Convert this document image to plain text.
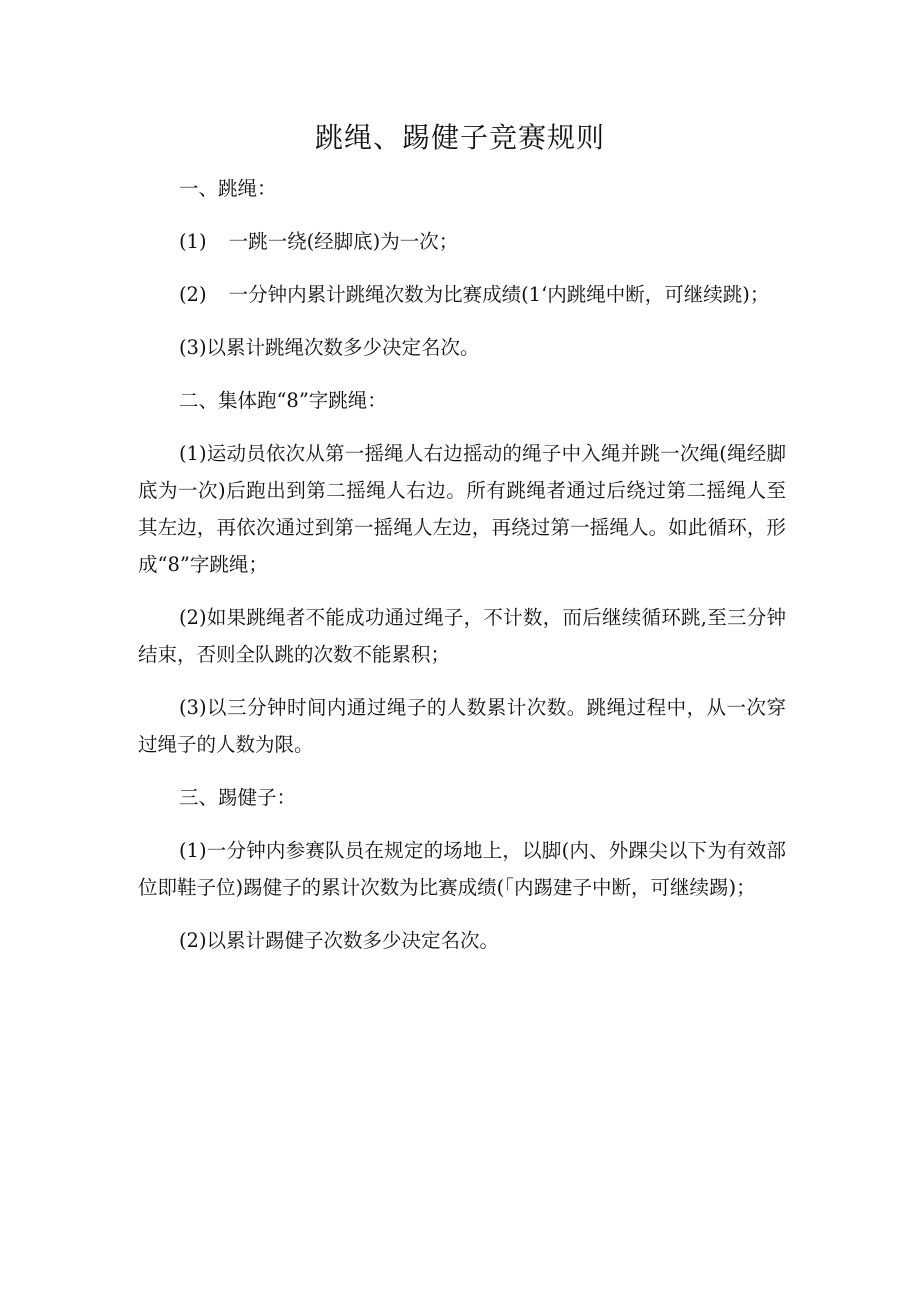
跳绳、踢健子竞赛规则

一、跳绳：

(1) 一跳一绕(经脚底)为一次；

(2) 一分钟内累计跳绳次数为比赛成绩(1‘内跳绳中断，可继续跳)；

(3)以累计跳绳次数多少决定名次。

二、集体跑“8”字跳绳：

(1)运动员依次从第一摇绳人右边摇动的绳子中入绳并跳一次绳(绳经脚底为一次)后跑出到第二摇绳人右边。所有跳绳者通过后绕过第二摇绳人至其左边，再依次通过到第一摇绳人左边，再绕过第一摇绳人。如此循环，形成“8”字跳绳；

(2)如果跳绳者不能成功通过绳子，不计数，而后继续循环跳,至三分钟结束，否则全队跳的次数不能累积；

(3)以三分钟时间内通过绳子的人数累计次数。跳绳过程中，从一次穿过绳子的人数为限。

三、踢健子：

(1)一分钟内参赛队员在规定的场地上，以脚(内、外踝尖以下为有效部位即鞋子位)踢健子的累计次数为比赛成绩(「内踢建子中断，可继续踢)；

(2)以累计踢健子次数多少决定名次。
